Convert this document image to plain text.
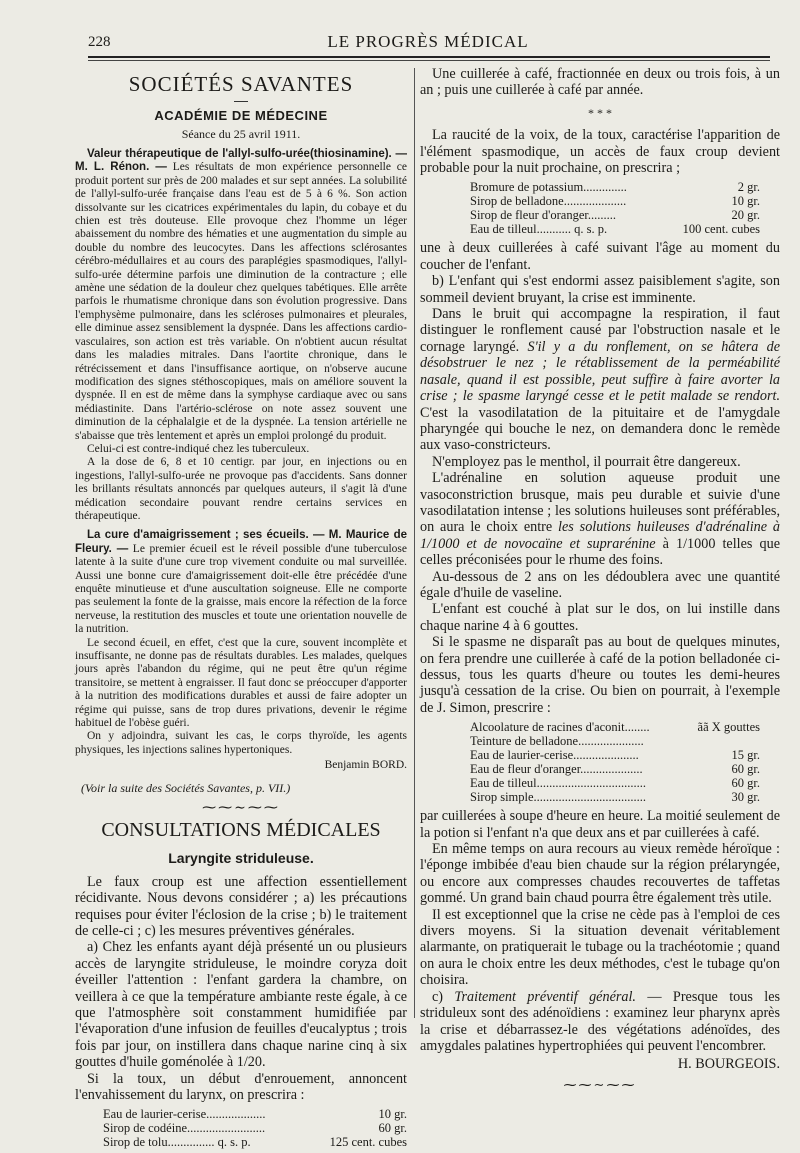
228	LE PROGRÈS MÉDICAL
SOCIÉTÉS SAVANTES
ACADÉMIE DE MÉDECINE
Séance du 25 avril 1911.

Valeur thérapeutique de l'allyl-sulfo-urée(thiosinamine). — M. L. Rénon. — Les résultats de mon expérience personnelle ce produit portent sur près de 200 malades et sur sept années. La solubilité de l'allyl-sulfo-urée française dans l'eau est de 5 à 6 %. Son action dissolvante sur les cicatrices expérimentales du lapin, du cobaye et du chien est très douteuse. Elle provoque chez l'homme un léger abaissement du nombre des hématies et une augmentation du simple au double du nombre des leucocytes. Dans les affections sclérosantes cérébro-médullaires et au cours des paraplégies spasmodiques, l'allyl-sulfo-urée détermine parfois une diminution de la contracture ; elle amène une sédation de la douleur chez quelques tabétiques. Elle arrête parfois le rhumatisme chronique dans son évolution progressive. Dans l'emphysème pulmonaire, dans les scléroses pulmonaires et pleurales, elle diminue assez sensiblement la dyspnée. Dans les affections cardio-vasculaires, son action est très variable. On n'obtient aucun résultat dans les maladies mitrales. Dans l'aortite chronique, dans le rétrécissement et dans l'insuffisance aortique, on n'observe aucune modification des signes stéthoscopiques, mais on améliore souvent la dyspnée. Il en est de même dans la symphyse cardiaque avec ou sans médiastinite. Dans l'artério-sclérose on note assez souvent une diminution de la céphalalgie et de la dyspnée. La tension artérielle ne s'abaisse que très lentement et après un emploi prolongé du produit.

Celui-ci est contre-indiqué chez les tuberculeux.

A la dose de 6, 8 et 10 centigr. par jour, en injections ou en ingestions, l'allyl-sulfo-urée ne provoque pas d'accidents. Sans donner les brillants résultats annoncés par quelques auteurs, il s'agit là d'une médication secondaire pouvant rendre certains services en thérapeutique.

La cure d'amaigrissement ; ses écueils. — M. Maurice de Fleury. — Le premier écueil est le réveil possible d'une tuberculose latente à la suite d'une cure trop vivement conduite ou mal surveillée. Aussi une bonne cure d'amaigrissement doit-elle être précédée d'une enquête minutieuse et d'une auscultation soigneuse. Elle ne comporte pas seulement la fonte de la graisse, mais encore la réfection de la force nerveuse, la restitution des muscles et toute une orientation nouvelle de la nutrition.

Le second écueil, en effet, c'est que la cure, souvent incomplète et insuffisante, ne donne pas de résultats durables. Les malades, quelques jours après l'abandon du régime, qui ne peut être qu'un régime transitoire, se mettent à engraisser. Il faut donc se préoccuper d'apporter à la nutrition des modifications durables et aussi de faire adopter un régime qui puisse, sans de trop dures privations, devenir le régime habituel de l'obèse guéri.

On y adjoindra, suivant les cas, le corps thyroïde, les agents physiques, les injections salines hypertoniques.

Benjamin BORD.
(Voir la suite des Sociétés Savantes, p. VII.)
⁓⁓∼⁓⁓
CONSULTATIONS MÉDICALES
Laryngite striduleuse.

Le faux croup est une affection essentiellement récidivante. Nous devons considérer ; a) les précautions requises pour éviter l'éclosion de la crise ; b) le traitement de celle-ci ; c) les mesures préventives générales.

a) Chez les enfants ayant déjà présenté un ou plusieurs accès de laryngite striduleuse, le moindre coryza doit éveiller l'attention : l'enfant gardera la chambre, on veillera à ce que la température ambiante reste égale, à ce que l'atmosphère soit constamment humidifiée par l'évaporation d'une infusion de feuilles d'eucalyptus ; trois fois par jour, on instillera dans chaque narine cinq à six gouttes d'huile goménolée à 1/20.

Si la toux, un début d'enrouement, annoncent l'envahissement du larynx, on prescrira :

Eau de laurier-cerise...................	10 gr.
Sirop de codéine.........................	60 gr.
Sirop de tolu............... q. s. p.	125 cent. cubes

Une cuillerée à café, fractionnée en deux ou trois fois, à un an ; puis une cuillerée à café par année.

* * *

La raucité de la voix, de la toux, caractérise l'apparition de l'élément spasmodique, un accès de faux croup devient probable pour la nuit prochaine, on prescrira ;

Bromure de potassium..............	2 gr.
Sirop de belladone....................	10 gr.
Sirop de fleur d'oranger.........	20 gr.
Eau de tilleul........... q. s. p.	100 cent. cubes

une à deux cuillerées à café suivant l'âge au moment du coucher de l'enfant.

b) L'enfant qui s'est endormi assez paisiblement s'agite, son sommeil devient bruyant, la crise est imminente.

Dans le bruit qui accompagne la respiration, il faut distinguer le ronflement causé par l'obstruction nasale et le cornage laryngé. S'il y a du ronflement, on se hâtera de désobstruer le nez ; le rétablissement de la perméabilité nasale, quand il est possible, peut suffire à faire avorter la crise ; le spasme laryngé cesse et le petit malade se rendort. C'est la vasodilatation de la pituitaire et de l'amygdale pharyngée qui bouche le nez, on demandera donc le remède aux vaso-constricteurs.

N'employez pas le menthol, il pourrait être dangereux.

L'adrénaline en solution aqueuse produit une vasoconstriction brusque, mais peu durable et suivie d'une vasodilatation intense ; les solutions huileuses sont préférables, on aura le choix entre les solutions huileuses d'adrénaline à 1/1000 et de novocaïne et suprarénine à 1/1000 telles que celles préconisées pour le rhume des foins.

Au-dessous de 2 ans on les dédoublera avec une quantité égale d'huile de vaseline.

L'enfant est couché à plat sur le dos, on lui instille dans chaque narine 4 à 6 gouttes.

Si le spasme ne disparaît pas au bout de quelques minutes, on fera prendre une cuillerée à café de la potion belladonée ci-dessus, tous les quarts d'heure ou toutes les demi-heures jusqu'à cessation de la crise. Ou bien on pourrait, à l'exemple de J. Simon, prescrire :

Alcoolature de racines d'aconit........	ãã X gouttes
Teinture de belladone.....................
Eau de laurier-cerise.....................	15 gr.
Eau de fleur d'oranger....................	60 gr.
Eau de tilleul...................................	60 gr.
Sirop simple....................................	30 gr.

par cuillerées à soupe d'heure en heure. La moitié seulement de la potion si l'enfant n'a que deux ans et par cuillerées à café.

En même temps on aura recours au vieux remède héroïque : l'éponge imbibée d'eau bien chaude sur la région prélaryngée, ou encore aux compresses chaudes recouvertes de taffetas gommé. Un grand bain chaud pourra être également très utile.

Il est exceptionnel que la crise ne cède pas à l'emploi de ces divers moyens. Si la situation devenait véritablement alarmante, on pratiquerait le tubage ou la trachéotomie ; quand on aura le choix entre les deux méthodes, c'est le tubage qu'on choisira.

c) Traitement préventif général. — Presque tous les striduleux sont des adénoïdiens : examinez leur pharynx après la crise et débarrassez-le des végétations adénoïdes, des amygdales palatines hypertrophiées qui peuvent l'encombrer.

H. BOURGEOIS.
⁓⁓∼⁓⁓
